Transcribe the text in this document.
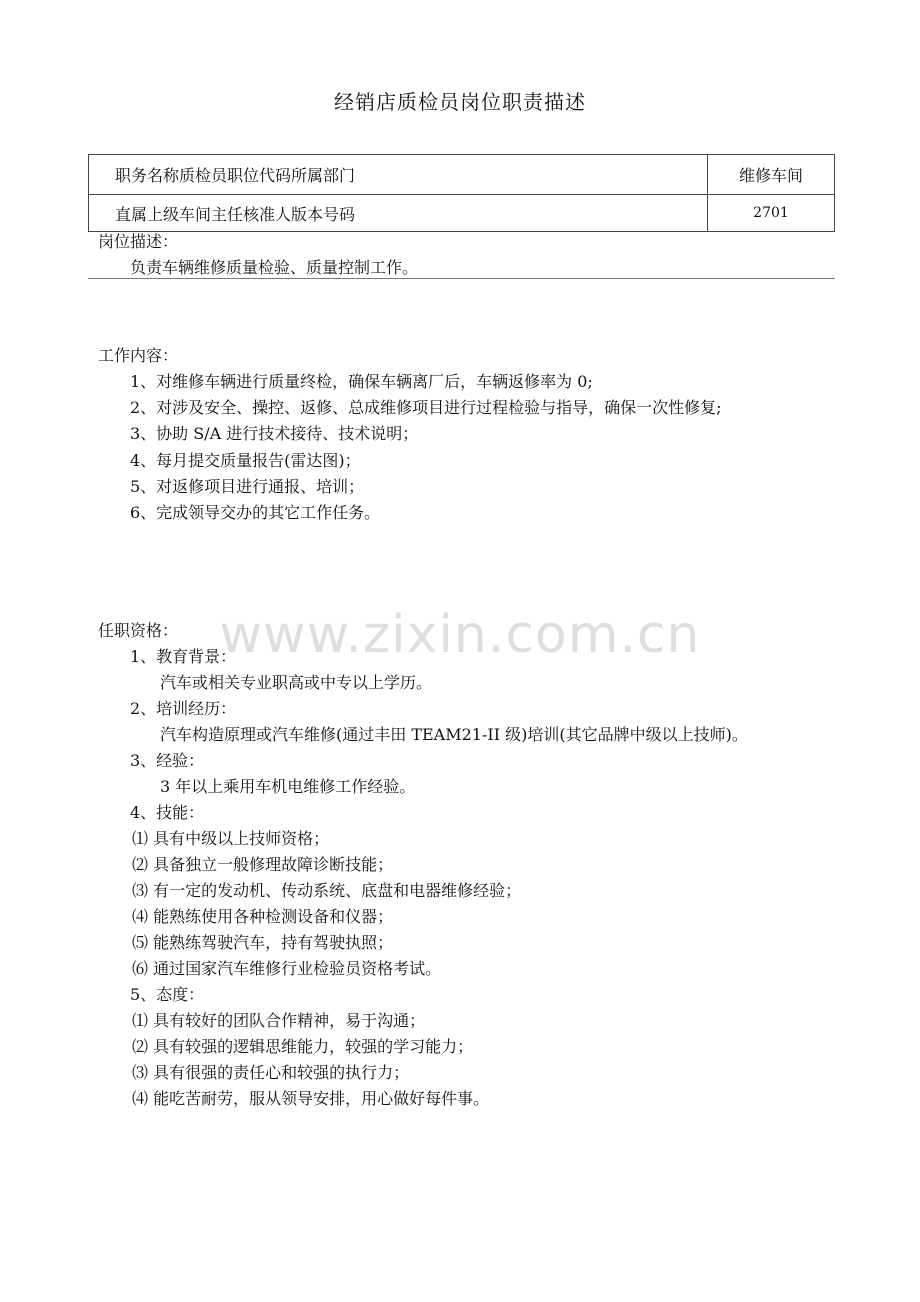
经销店质检员岗位职责描述
职务名称质检员职位代码所属部门	维修车间
直属上级车间主任核准人版本号码	2701
岗位描述：
负责车辆维修质量检验、质量控制工作。
工作内容：
1、对维修车辆进行质量终检，确保车辆离厂后，车辆返修率为 0;
2、对涉及安全、操控、返修、总成维修项目进行过程检验与指导，确保一次性修复;
3、协助 S/A 进行技术接待、技术说明；
4、每月提交质量报告(雷达图)；
5、对返修项目进行通报、培训；
6、完成领导交办的其它工作任务。
www.zixin.com.cn
任职资格：
1、教育背景：
汽车或相关专业职高或中专以上学历。
2、培训经历：
汽车构造原理或汽车维修(通过丰田 TEAM21-II 级)培训(其它品牌中级以上技师)。
3、经验：
3 年以上乘用车机电维修工作经验。
4、技能：
⑴ 具有中级以上技师资格；
⑵ 具备独立一般修理故障诊断技能；
⑶ 有一定的发动机、传动系统、底盘和电器维修经验；
⑷ 能熟练使用各种检测设备和仪器；
⑸ 能熟练驾驶汽车，持有驾驶执照；
⑹ 通过国家汽车维修行业检验员资格考试。
5、态度：
⑴ 具有较好的团队合作精神，易于沟通；
⑵ 具有较强的逻辑思维能力，较强的学习能力；
⑶ 具有很强的责任心和较强的执行力；
⑷ 能吃苦耐劳，服从领导安排，用心做好每件事。
